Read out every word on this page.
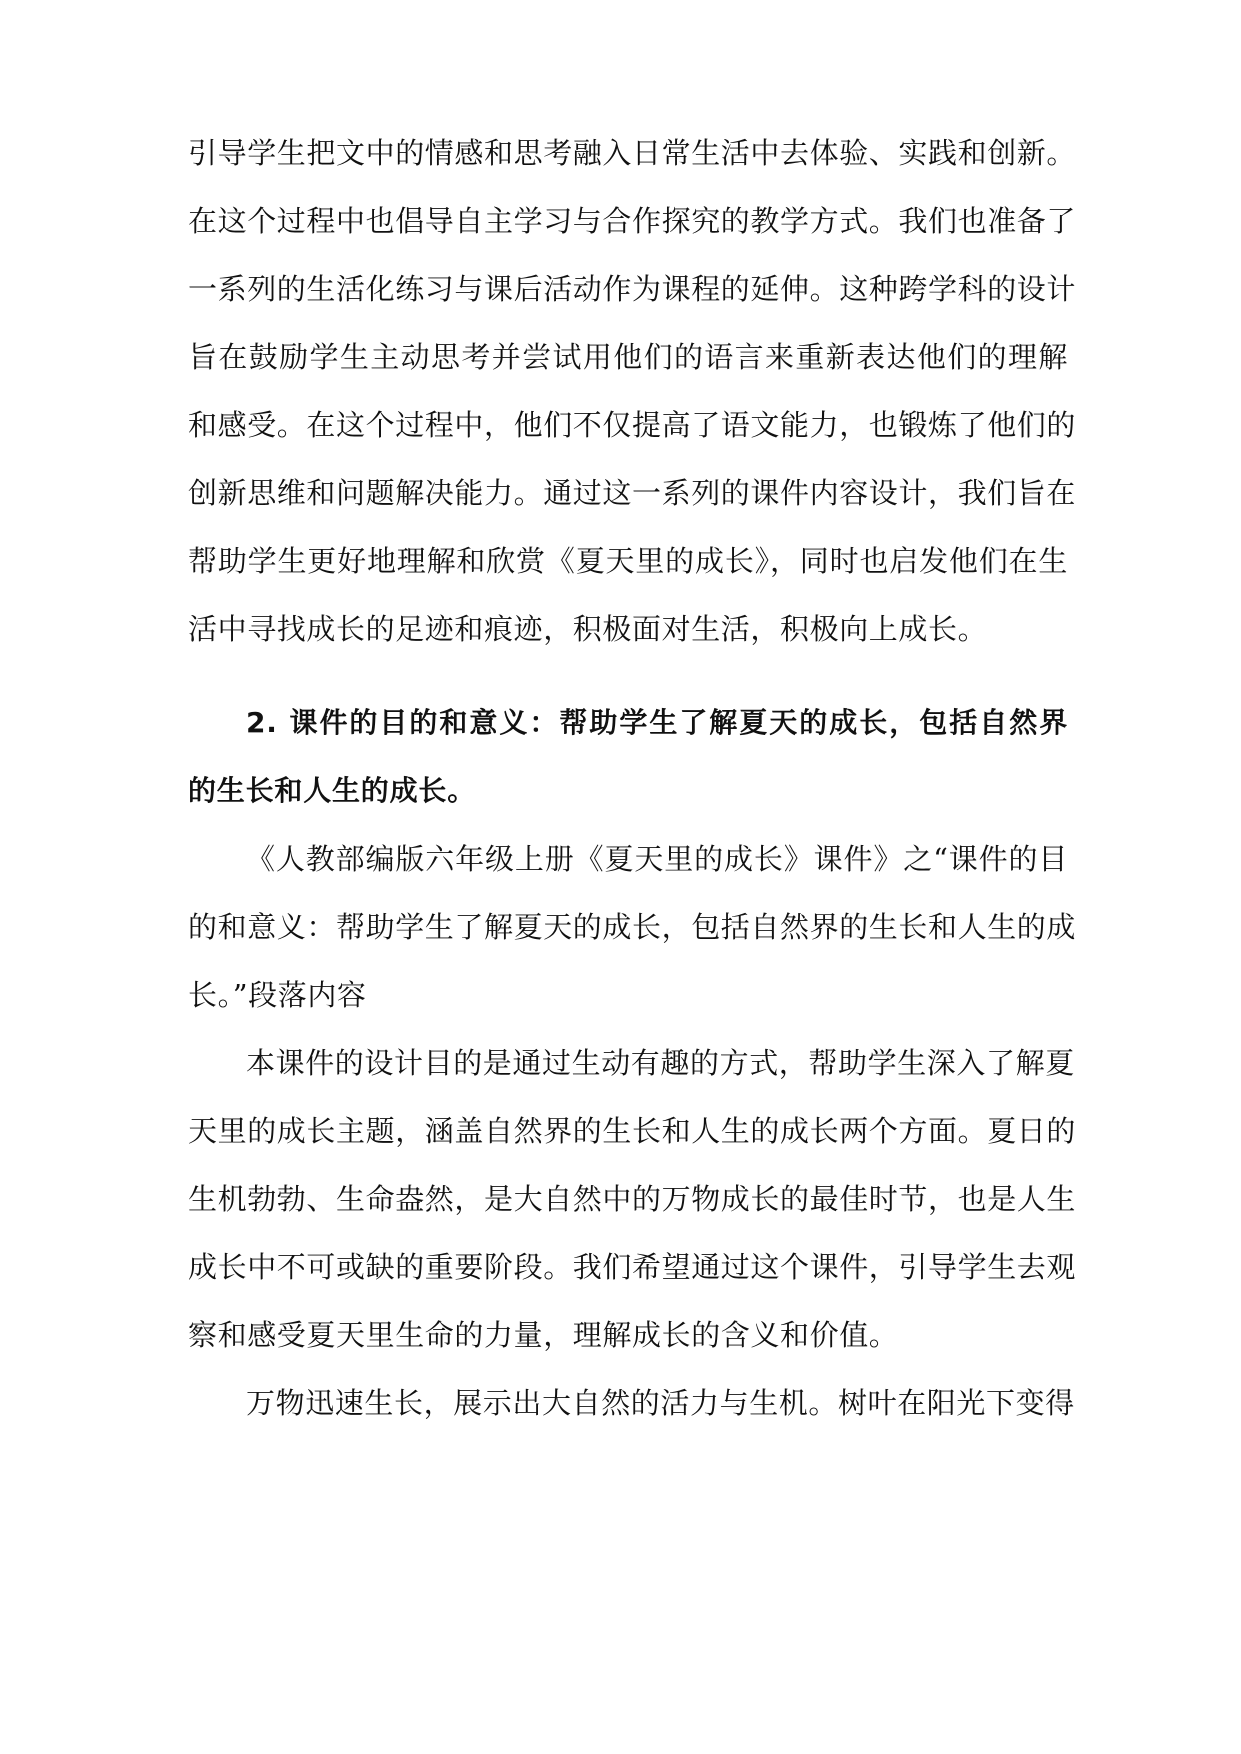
引导学生把文中的情感和思考融入日常生活中去体验、实践和创新。
在这个过程中也倡导自主学习与合作探究的教学方式。我们也准备了
一系列的生活化练习与课后活动作为课程的延伸。这种跨学科的设计
旨在鼓励学生主动思考并尝试用他们的语言来重新表达他们的理解
和感受。在这个过程中，他们不仅提高了语文能力，也锻炼了他们的
创新思维和问题解决能力。通过这一系列的课件内容设计，我们旨在
帮助学生更好地理解和欣赏《夏天里的成长》，同时也启发他们在生
活中寻找成长的足迹和痕迹，积极面对生活，积极向上成长。
2. 课件的目的和意义：帮助学生了解夏天的成长，包括自然界
的生长和人生的成长。
《人教部编版六年级上册《夏天里的成长》课件》之“课件的目
的和意义：帮助学生了解夏天的成长，包括自然界的生长和人生的成
长。”段落内容
本课件的设计目的是通过生动有趣的方式，帮助学生深入了解夏
天里的成长主题，涵盖自然界的生长和人生的成长两个方面。夏日的
生机勃勃、生命盎然，是大自然中的万物成长的最佳时节，也是人生
成长中不可或缺的重要阶段。我们希望通过这个课件，引导学生去观
察和感受夏天里生命的力量，理解成长的含义和价值。
万物迅速生长，展示出大自然的活力与生机。树叶在阳光下变得
